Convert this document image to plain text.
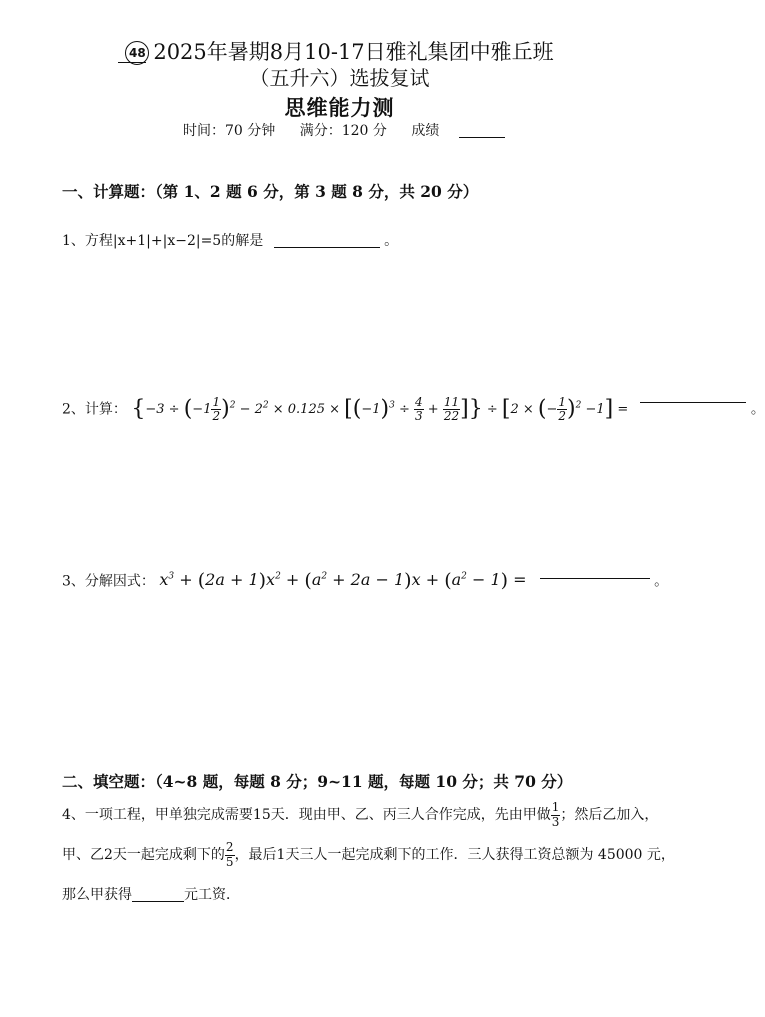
48 2025年暑期8月10-17日雅礼集团中雅丘班
（五升六）选拔复试
思维能力测
时间：70 分钟 满分：120 分 成绩
一、计算题：（第 1、2 题 6 分，第 3 题 8 分，共 20 分）
1、方程|x+1|+|x−2|=5的解是	。
2、计算： {$-3 \div (-1 \frac{1}{2} )^2 - 2^2 \times 0.125 \times [(-1)^3 \div \frac{4}{3} + \frac{11}{22}$ ]} ÷ [2 × (− $\frac{1}{2} )^2 -1$] =	。
3、分解因式： $x^3 + (2a + 1)x^2 + (a^2 + 2a - 1)x + (a^2 - 1)$ =	。
二、填空题：（4~8 题，每题 8 分；9~11 题，每题 10 分；共 70 分）
4、一项工程，甲单独完成需要15天．现由甲、乙、丙三人合作完成，先由甲做 $\frac{1}{3}$ ；然后乙加入，
甲、乙2天一起完成剩下的 $\frac{2}{5}$ ，最后1天三人一起完成剩下的工作．三人获得工资总额为 45000 元，
那么甲获得	元工资．
